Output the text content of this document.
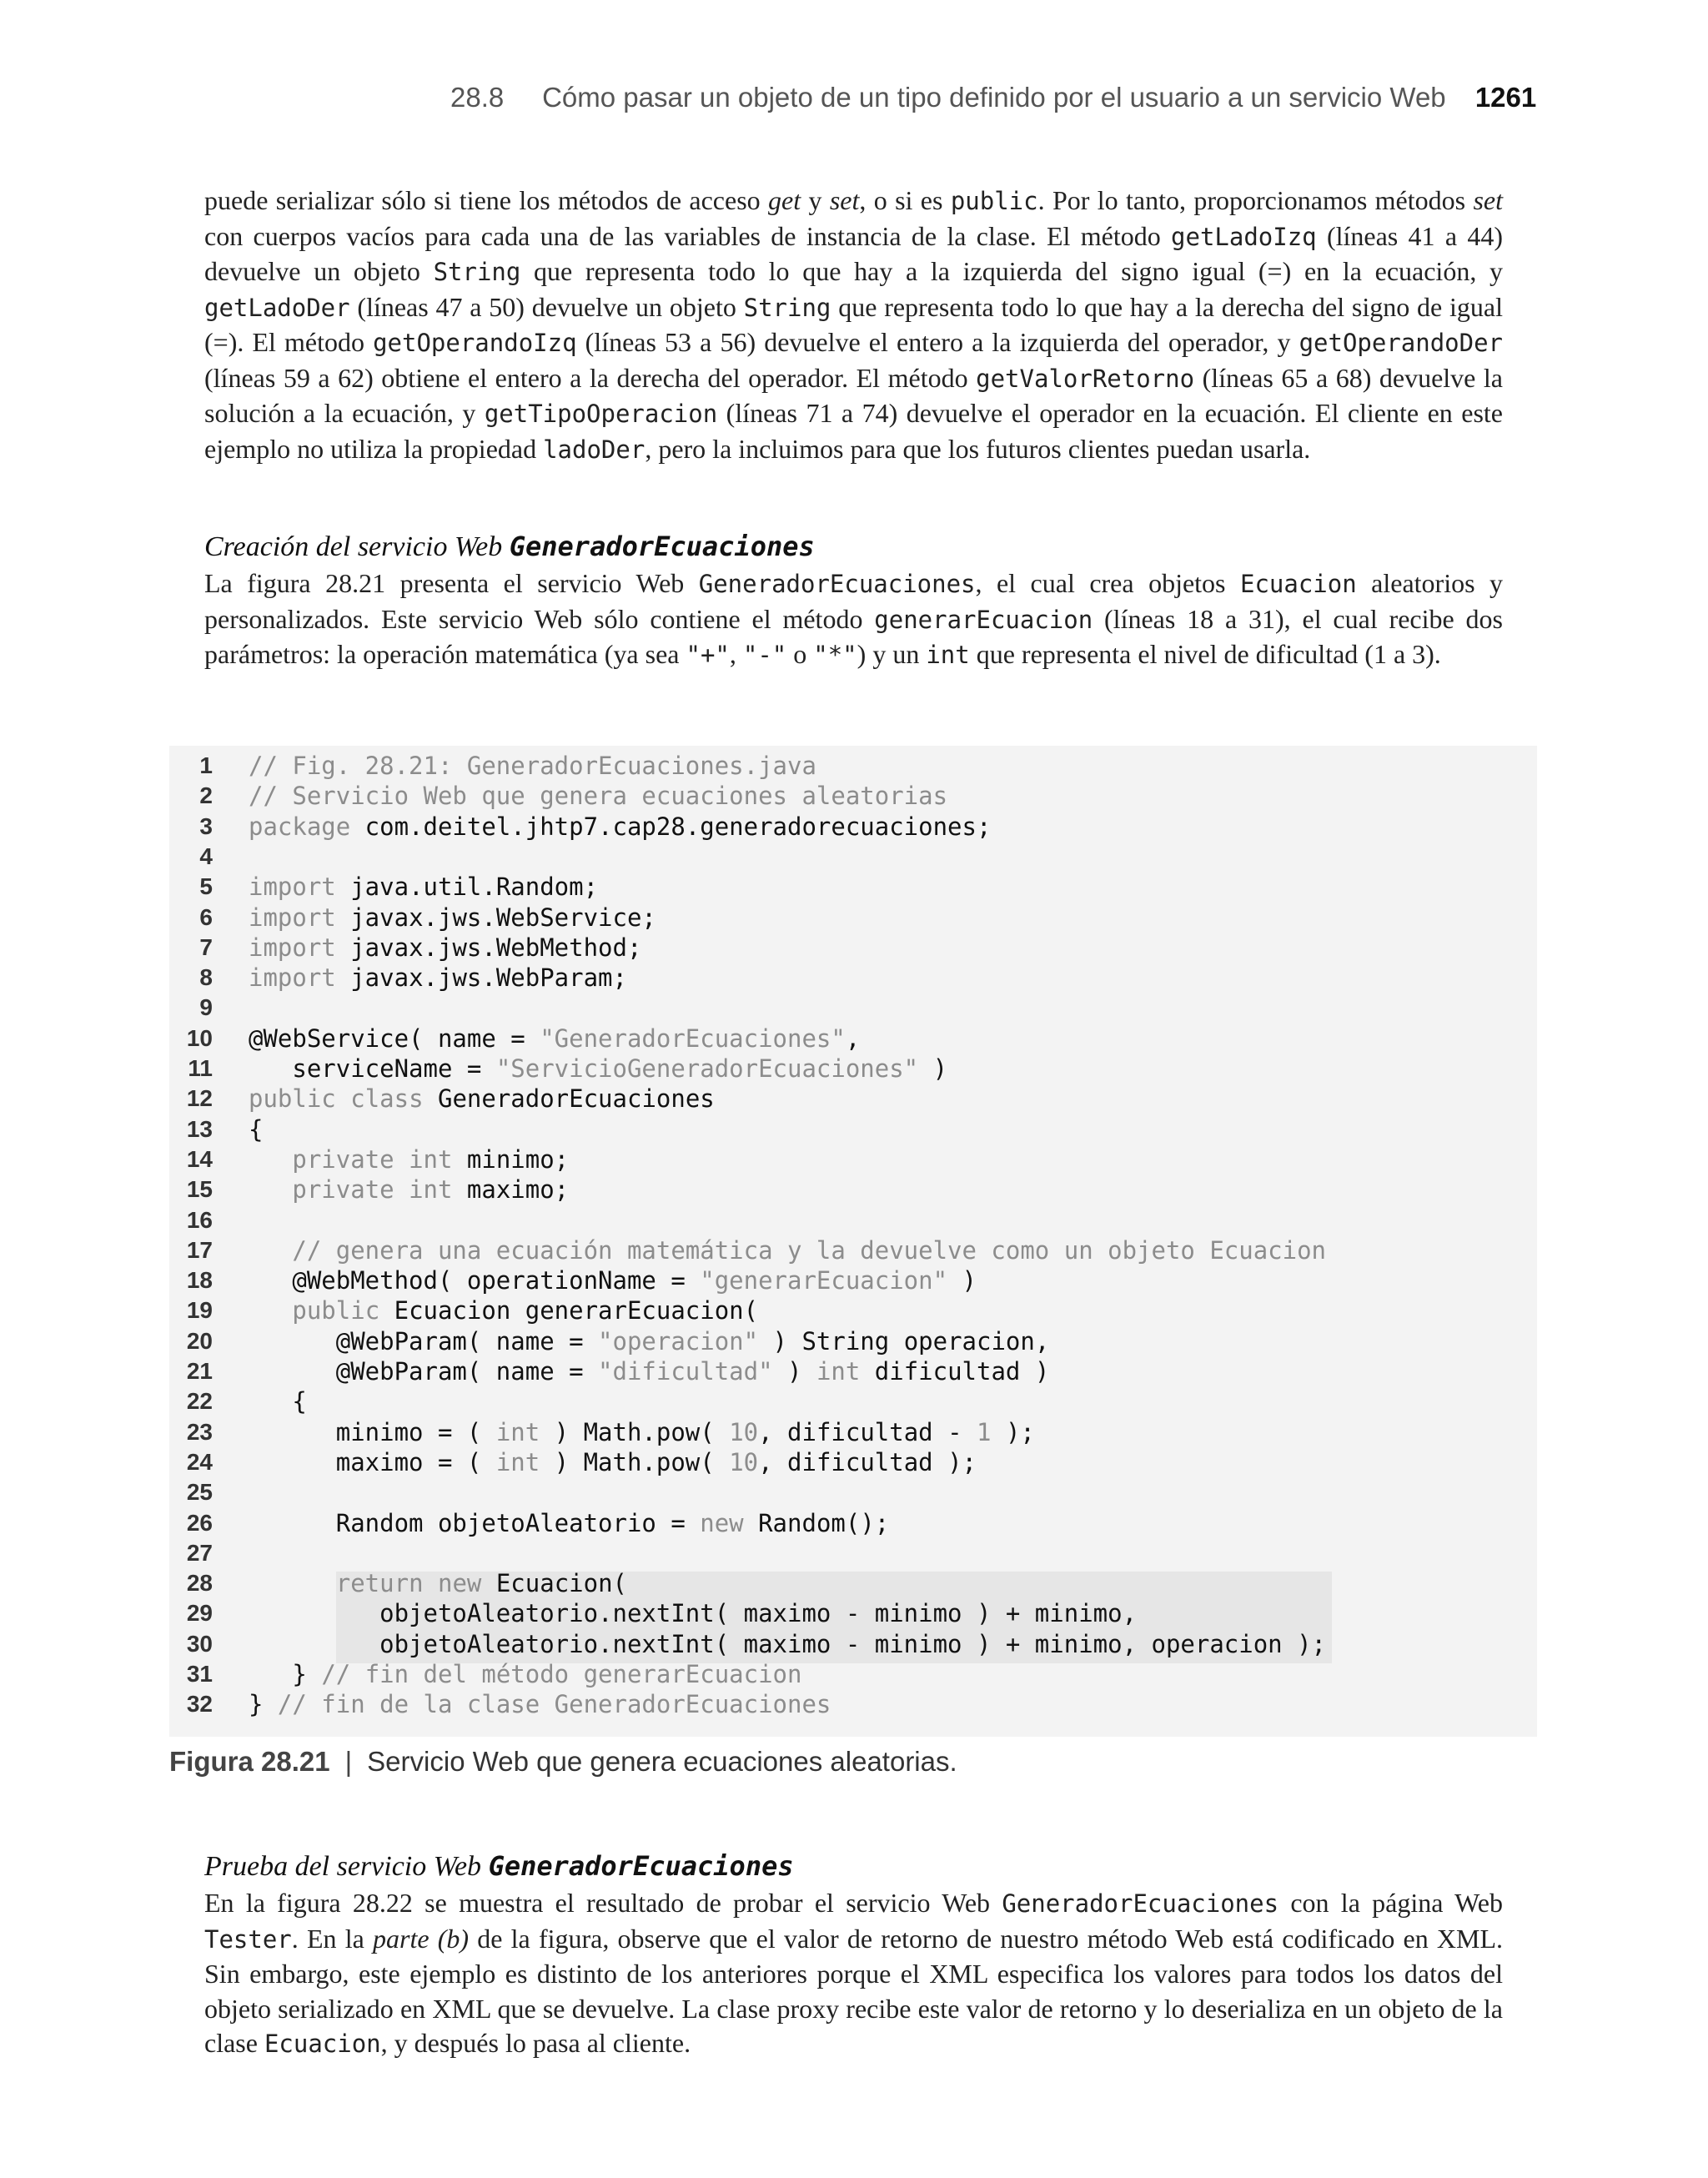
28.8 Cómo pasar un objeto de un tipo definido por el usuario a un servicio Web 1261
puede serializar sólo si tiene los métodos de acceso get y set, o si es public. Por lo tanto, proporcionamos métodos set con cuerpos vacíos para cada una de las variables de instancia de la clase. El método getLadoIzq (líneas 41 a 44) devuelve un objeto String que representa todo lo que hay a la izquierda del signo igual (=) en la ecuación, y getLadoDer (líneas 47 a 50) devuelve un objeto String que representa todo lo que hay a la derecha del signo de igual (=). El método getOperandoIzq (líneas 53 a 56) devuelve el entero a la izquierda del operador, y getOperandoDer (líneas 59 a 62) obtiene el entero a la derecha del operador. El método getValorRetorno (líneas 65 a 68) devuelve la solución a la ecuación, y getTipoOperacion (líneas 71 a 74) devuelve el operador en la ecuación. El cliente en este ejemplo no utiliza la propiedad ladoDer, pero la incluimos para que los futuros clientes puedan usarla.
Creación del servicio Web GeneradorEcuaciones
La figura 28.21 presenta el servicio Web GeneradorEcuaciones, el cual crea objetos Ecuacion aleatorios y personalizados. Este servicio Web sólo contiene el método generarEcuacion (líneas 18 a 31), el cual recibe dos parámetros: la operación matemática (ya sea "+", "-" o "*") y un int que representa el nivel de dificultad (1 a 3).
1 // Fig. 28.21: GeneradorEcuaciones.java
2 // Servicio Web que genera ecuaciones aleatorias
3 package com.deitel.jhtp7.cap28.generadorecuaciones;
4
5 import java.util.Random;
6 import javax.jws.WebService;
7 import javax.jws.WebMethod;
8 import javax.jws.WebParam;
9
10 @WebService( name = "GeneradorEcuaciones",
11 serviceName = "ServicioGeneradorEcuaciones" )
12 public class GeneradorEcuaciones
13 {
14	private int minimo;
15	private int maximo;
16
17 // genera una ecuación matemática y la devuelve como un objeto Ecuacion
18 @WebMethod( operationName = "generarEcuacion" )
19	public Ecuacion generarEcuacion(
20 @WebParam( name = "operacion" ) String operacion,
21 @WebParam( name = "dificultad" ) int dificultad )
22 {
23 minimo = ( int ) Math.pow( 10, dificultad - 1 );
24 maximo = ( int ) Math.pow( 10, dificultad );
25
26 Random objetoAleatorio = new Random();
27
28	return new Ecuacion(
29 objetoAleatorio.nextInt( maximo - minimo ) + minimo,
30 objetoAleatorio.nextInt( maximo - minimo ) + minimo, operacion );
31 } // fin del método generarEcuacion
32 } // fin de la clase GeneradorEcuaciones
Figura 28.21 | Servicio Web que genera ecuaciones aleatorias.
Prueba del servicio Web GeneradorEcuaciones
En la figura 28.22 se muestra el resultado de probar el servicio Web GeneradorEcuaciones con la página Web Tester. En la parte (b) de la figura, observe que el valor de retorno de nuestro método Web está codificado en XML. Sin embargo, este ejemplo es distinto de los anteriores porque el XML especifica los valores para todos los datos del objeto serializado en XML que se devuelve. La clase proxy recibe este valor de retorno y lo deserializa en un objeto de la clase Ecuacion, y después lo pasa al cliente.
